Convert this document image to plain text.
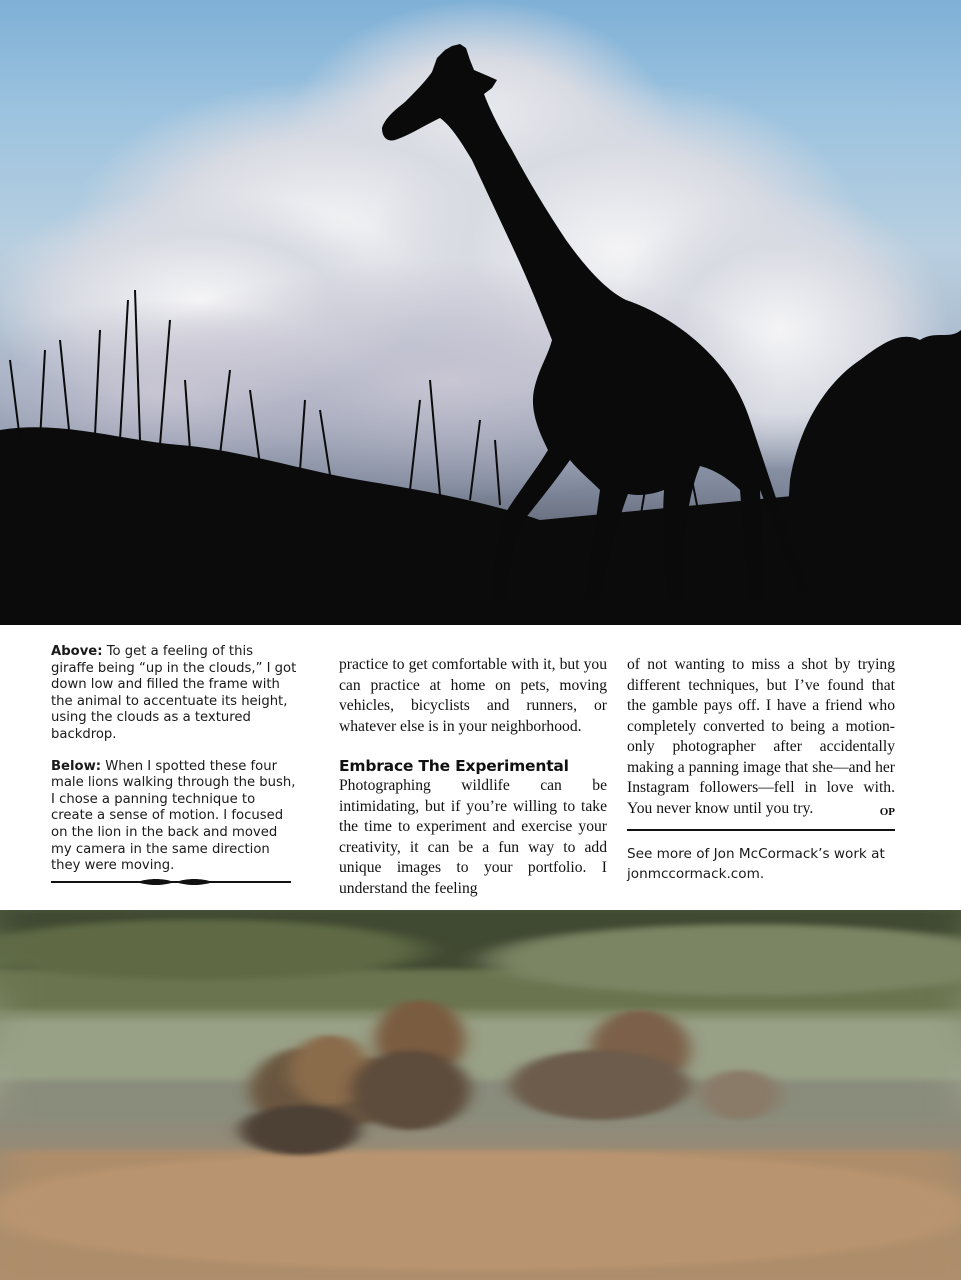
Above: To get a feeling of this giraffe being “up in the clouds,” I got down low and filled the frame with the animal to accentuate its height, using the clouds as a textured backdrop.

Below: When I spotted these four male lions walking through the bush, I chose a panning technique to create a sense of motion. I focused on the lion in the back and moved my camera in the same direction they were moving.

practice to get comfortable with it, but you can practice at home on pets, moving vehicles, bicyclists and runners, or whatever else is in your neighborhood.

Embrace The Experimental

Photographing wildlife can be intimidating, but if you’re willing to take the time to experiment and exercise your creativity, it can be a fun way to add unique images to your portfolio. I understand the feeling

of not wanting to miss a shot by trying different techniques, but I’ve found that the gamble pays off. I have a friend who completely converted to being a motion-only photographer after accidentally making a panning image that she—and her Instagram followers—fell in love with. You never know until you try.	OP

See more of Jon McCormack’s work at
jonmccormack.com.
